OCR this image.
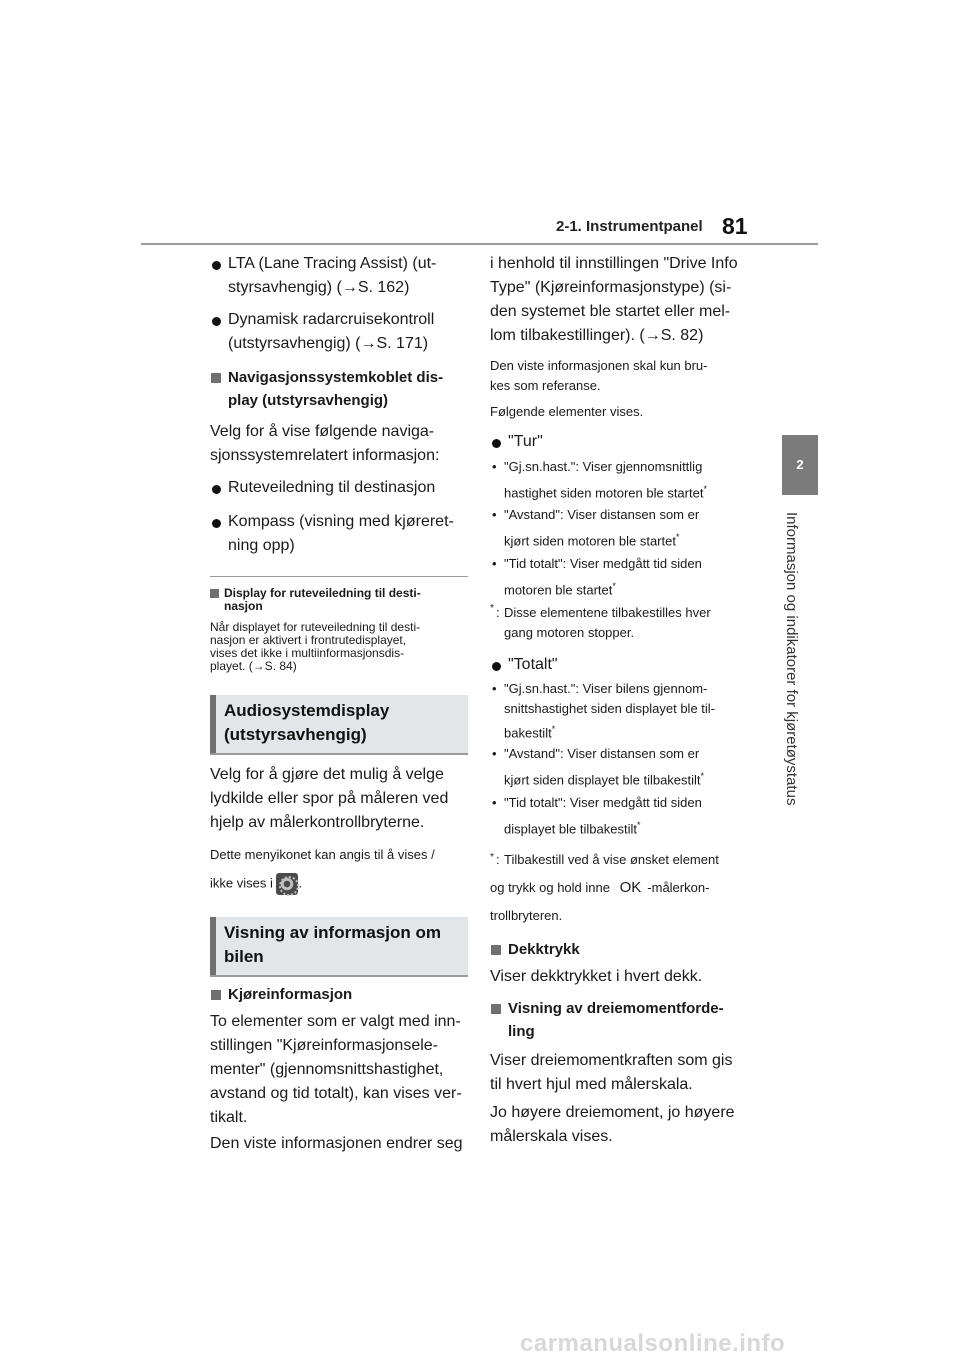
2-1. Instrumentpanel 81
2
Informasjon og indikatorer for kjøretøystatus
LTA (Lane Tracing Assist) (ut-
styrsavhengig) (→S. 162)
Dynamisk radarcruisekontroll
(utstyrsavhengig) (→S. 171)
Navigasjonssystemkoblet dis-
play (utstyrsavhengig)
Velg for å vise følgende naviga-
sjonssystemrelatert informasjon:
Ruteveiledning til destinasjon
Kompass (visning med kjøreret-
ning opp)
Display for ruteveiledning til desti-
nasjon
Når displayet for ruteveiledning til desti-
nasjon er aktivert i frontrutedisplayet,
vises det ikke i multiinformasjonsdis-
playet. (→S. 84)
Audiosystemdisplay
(utstyrsavhengig)
Velg for å gjøre det mulig å velge
lydkilde eller spor på måleren ved
hjelp av målerkontrollbryterne.
Dette menyikonet kan angis til å vises /
ikke vises i .
Visning av informasjon om
bilen
Kjøreinformasjon
To elementer som er valgt med inn-
stillingen "Kjøreinformasjonsele-
menter" (gjennomsnittshastighet,
avstand og tid totalt), kan vises ver-
tikalt.
Den viste informasjonen endrer seg
i henhold til innstillingen "Drive Info
Type" (Kjøreinformasjonstype) (si-
den systemet ble startet eller mel-
lom tilbakestillinger). (→S. 82)
Den viste informasjonen skal kun bru-
kes som referanse.
Følgende elementer vises.
"Tur"
• "Gj.sn.hast.": Viser gjennomsnittlig
hastighet siden motoren ble startet*
• "Avstand": Viser distansen som er
kjørt siden motoren ble startet*
• "Tid totalt": Viser medgått tid siden
motoren ble startet*
* : Disse elementene tilbakestilles hver
gang motoren stopper.
"Totalt"
• "Gj.sn.hast.": Viser bilens gjennom-
snittshastighet siden displayet ble til-
bakestilt*
• "Avstand": Viser distansen som er
kjørt siden displayet ble tilbakestilt*
• "Tid totalt": Viser medgått tid siden
displayet ble tilbakestilt*
* : Tilbakestill ved å vise ønsket element
og trykk og hold inne OK -målerkon-
trollbryteren.
Dekktrykk
Viser dekktrykket i hvert dekk.
Visning av dreiemomentforde-
ling
Viser dreiemomentkraften som gis
til hvert hjul med målerskala.
Jo høyere dreiemoment, jo høyere
målerskala vises.
carmanualsonline.info
